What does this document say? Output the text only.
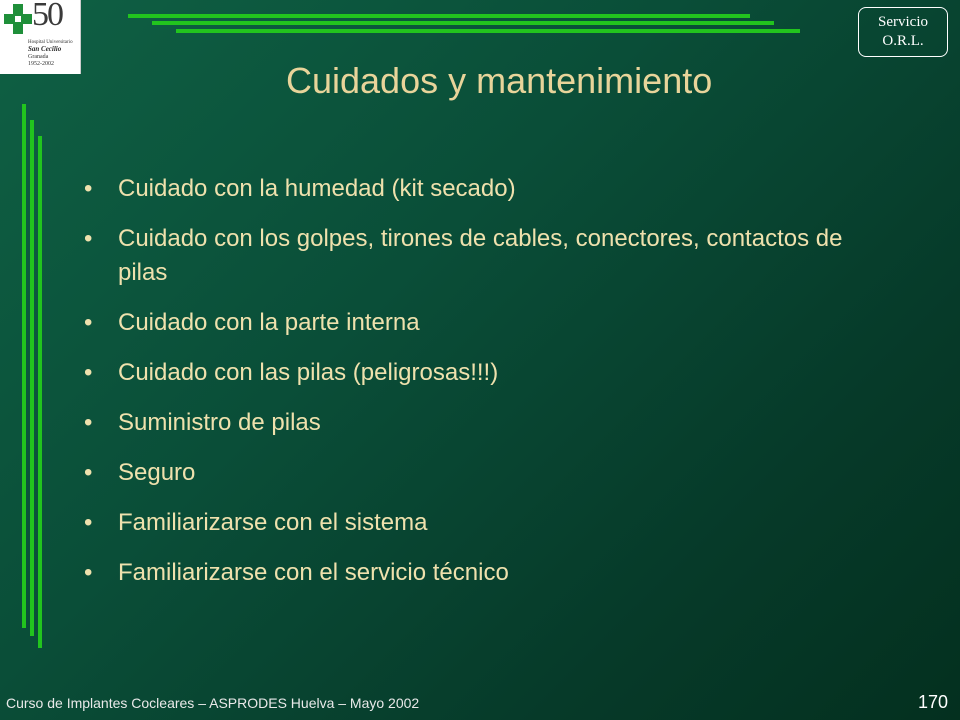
50
Hospital Universitario
San Cecilio
Granada
1952-2002
Servicio
O.R.L.
Cuidados y mantenimiento
• Cuidado con la humedad (kit secado)
• Cuidado con los golpes, tirones de cables, conectores, contactos de pilas
• Cuidado con la parte interna
• Cuidado con las pilas (peligrosas!!!)
• Suministro de pilas
• Seguro
• Familiarizarse con el sistema
• Familiarizarse con el servicio técnico
Curso de Implantes Cocleares – ASPRODES Huelva – Mayo 2002	170
